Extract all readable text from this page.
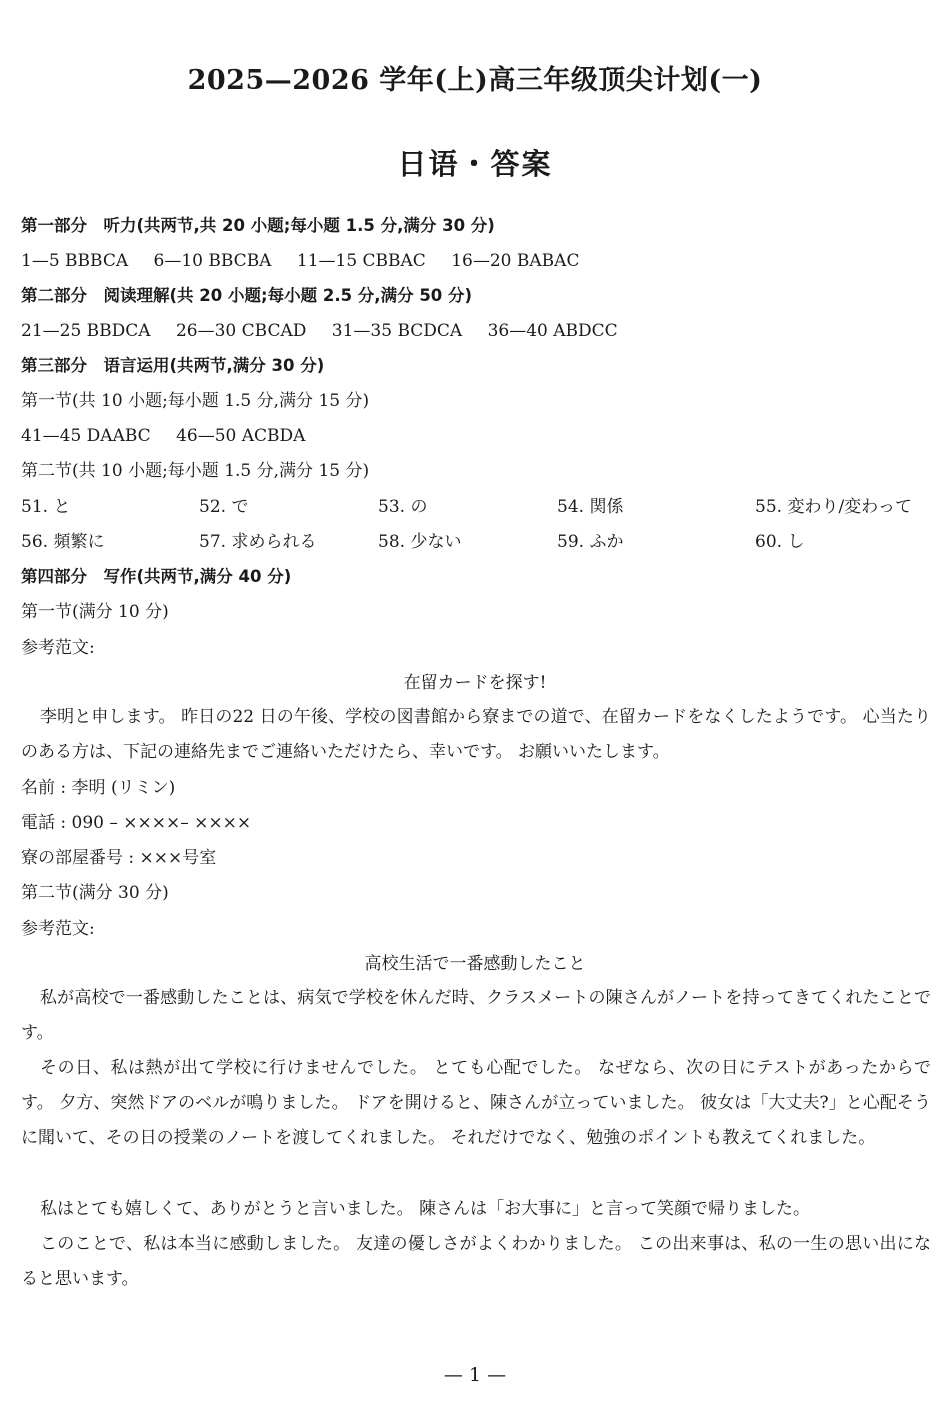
2025—2026 学年(上)高三年级顶尖计划(一)
日语・答案
第一部分　听力(共两节,共 20 小题;每小题 1.5 分,满分 30 分)
1—5 BBBCA 6—10 BBCBA 11—15 CBBAC 16—20 BABAC
第二部分　阅读理解(共 20 小题;每小题 2.5 分,满分 50 分)
21—25 BBDCA 26—30 CBCAD 31—35 BCDCA 36—40 ABDCC
第三部分　语言运用(共两节,满分 30 分)
第一节(共 10 小题;每小题 1.5 分,满分 15 分)
41—45 DAABC 46—50 ACBDA
第二节(共 10 小题;每小题 1.5 分,满分 15 分)
51. と	52. で	53. の	54. 関係	55. 変わり/変わって
56. 頻繁に	57. 求められる	58. 少ない	59. ふか	60. し
第四部分　写作(共两节,满分 40 分)
第一节(满分 10 分)
参考范文:
在留カードを探す!
李明と申します。 昨日の22 日の午後、学校の図書館から寮までの道で、在留カードをなくしたようです。 心当たりのある方は、下記の連絡先までご連絡いただけたら、幸いです。 お願いいたします。
名前 : 李明 (リミン)
電話 : 090 – ××××– ××××
寮の部屋番号 : ×××号室
第二节(满分 30 分)
参考范文:
高校生活で一番感動したこと
私が高校で一番感動したことは、病気で学校を休んだ時、クラスメートの陳さんがノートを持ってきてくれたことです。
その日、私は熱が出て学校に行けませんでした。 とても心配でした。 なぜなら、次の日にテストがあったからです。 夕方、突然ドアのベルが鳴りました。 ドアを開けると、陳さんが立っていました。 彼女は「大丈夫?」と心配そうに聞いて、その日の授業のノートを渡してくれました。 それだけでなく、勉強のポイントも教えてくれました。
私はとても嬉しくて、ありがとうと言いました。 陳さんは「お大事に」と言って笑顔で帰りました。
このことで、私は本当に感動しました。 友達の優しさがよくわかりました。 この出来事は、私の一生の思い出になると思います。
— 1 —
